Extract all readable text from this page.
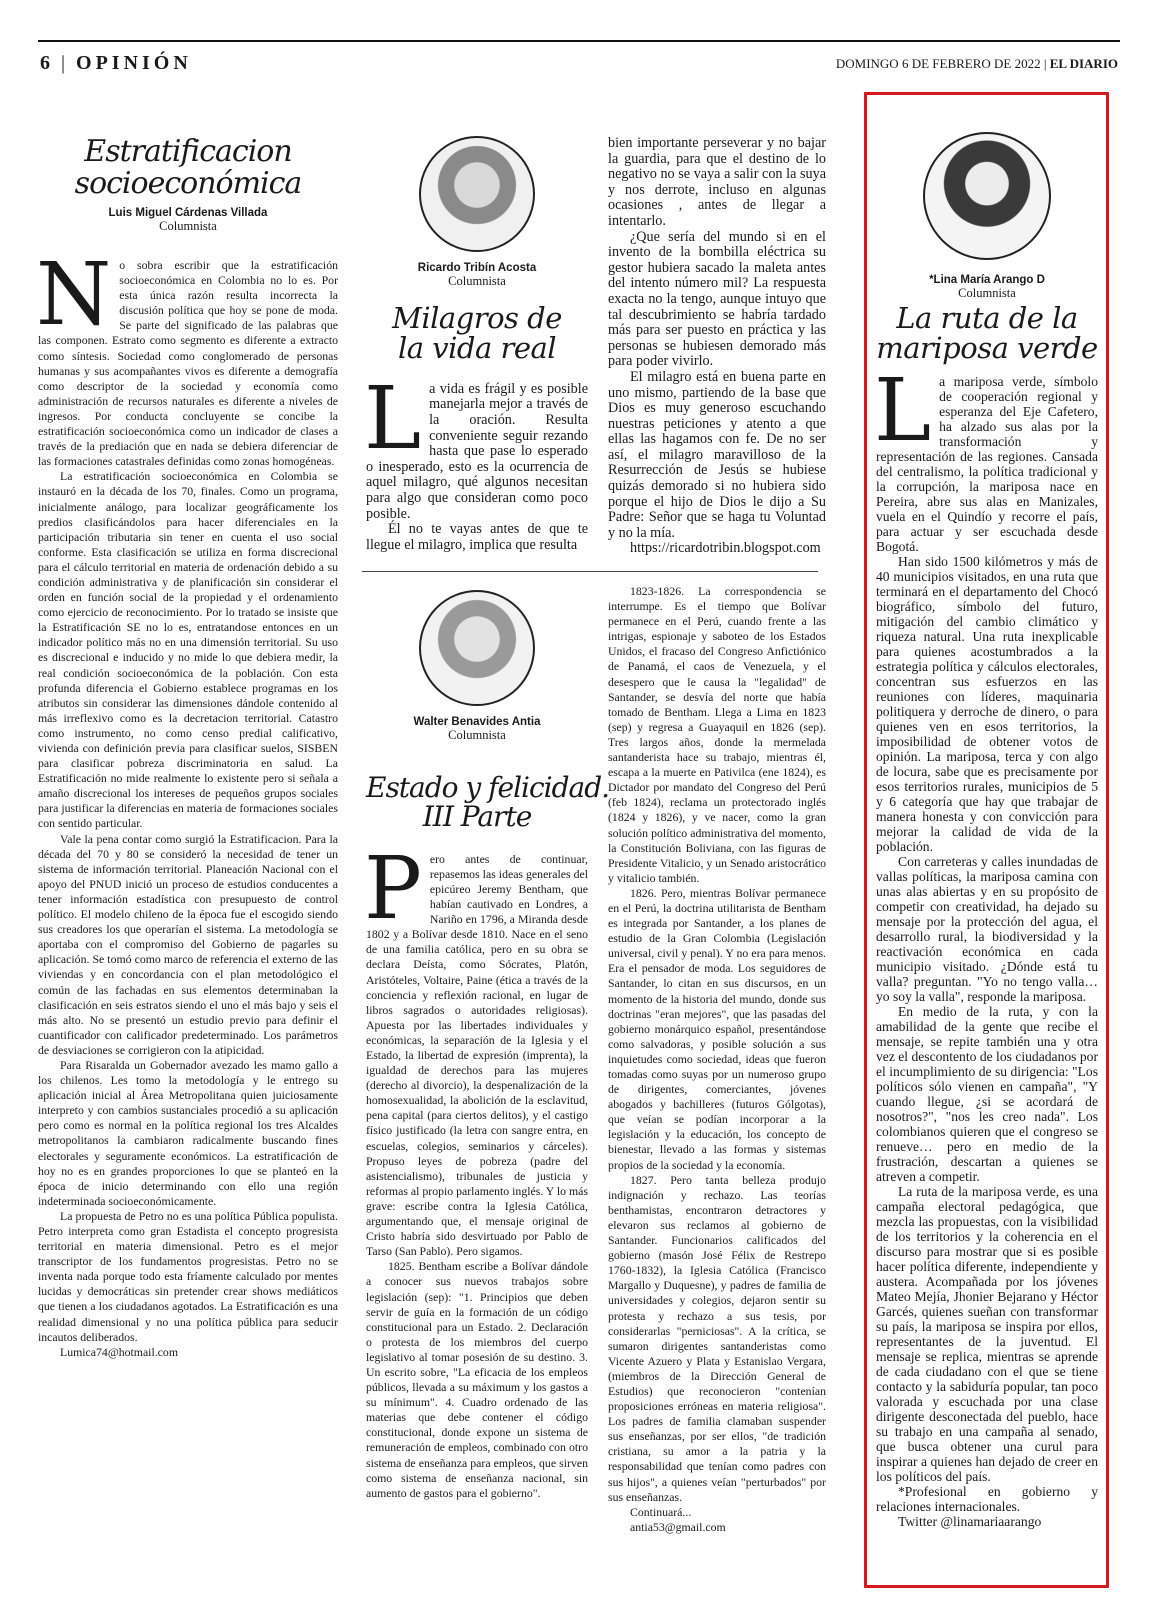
6 | OPINIÓN	DOMINGO 6 DE FEBRERO DE 2022 | EL DIARIO
Estratificacion
socioeconómica
Luis Miguel Cárdenas Villada
Columnista

No sobra escribir que la estratificación socioeconómica en Colombia no lo es. Por esta única razón resulta incorrecta la discusión política que hoy se pone de moda. Se parte del significado de las palabras que las componen. Estrato como segmento es diferente a extracto como síntesis. Sociedad como conglomerado de personas humanas y sus acompañantes vivos es diferente a demografía como descriptor de la sociedad y economía como administración de recursos naturales es diferente a niveles de ingresos. Por conducta concluyente se concibe la estratificación socioeconómica como un indicador de clases a través de la prediación que en nada se debiera diferenciar de las formaciones catastrales definidas como zonas homogéneas.

La estratificación socioeconómica en Colombia se instauró en la década de los 70, finales. Como un programa, inicialmente análogo, para localizar geográficamente los predios clasificándolos para hacer diferenciales en la participación tributaria sin tener en cuenta el uso social conforme. Esta clasificación se utiliza en forma discrecional para el cálculo territorial en materia de ordenación debido a su condición administrativa y de planificación sin considerar el orden en función social de la propiedad y el ordenamiento como ejercicio de reconocimiento. Por lo tratado se insiste que la Estratificación SE no lo es, entratandose entonces en un indicador político más no en una dimensión territorial. Su uso es discrecional e inducido y no mide lo que debiera medir, la real condición socioeconómica de la población. Con esta profunda diferencia el Gobierno establece programas en los atributos sin considerar las dimensiones dándole contenido al más irreflexivo como es la decretacion territorial. Catastro como instrumento, no como censo predial calificativo, vivienda con definición previa para clasificar suelos, SISBEN para clasificar pobreza discriminatoria en salud. La Estratificación no mide realmente lo existente pero si señala a amaño discrecional los intereses de pequeños grupos sociales para justificar la diferencias en materia de formaciones sociales con sentido particular.

Vale la pena contar como surgió la Estratificacion. Para la década del 70 y 80 se consideró la necesidad de tener un sistema de información territorial. Planeación Nacional con el apoyo del PNUD inició un proceso de estudios conducentes a tener información estadística con presupuesto de control político. El modelo chileno de la época fue el escogido siendo sus creadores los que operarían el sistema. La metodología se aportaba con el compromiso del Gobierno de pagarles su aplicación. Se tomó como marco de referencia el externo de las viviendas y en concordancia con el plan metodológico el común de las fachadas en sus elementos determinaban la clasificación en seis estratos siendo el uno el más bajo y seis el más alto. No se presentó un estudio previo para definir el cuantificador con calificador predeterminado. Los parámetros de desviaciones se corrigieron con la atipicidad.

Para Risaralda un Gobernador avezado les mamo gallo a los chilenos. Les tomo la metodología y le entrego su aplicación inicial al Área Metropolitana quien juiciosamente interpreto y con cambios sustanciales procedió a su aplicación pero como es normal en la política regional los tres Alcaldes metropolitanos la cambiaron radicalmente buscando fines electorales y seguramente económicos. La estratificación de hoy no es en grandes proporciones lo que se planteó en la época de inicio determinando con ello una región indeterminada socioeconómicamente.

La propuesta de Petro no es una política Pública populista. Petro interpreta como gran Estadista el concepto progresista territorial en materia dimensional. Petro es el mejor transcriptor de los fundamentos progresistas. Petro no se inventa nada porque todo esta fríamente calculado por mentes lucidas y democráticas sin pretender crear shows mediáticos que tienen a los ciudadanos agotados. La Estratificación es una realidad dimensional y no una política pública para seducir incautos deliberados.

Lumica74@hotmail.com

Ricardo Tribín Acosta
Columnista
Milagros de
la vida real

La vida es frágil y es posible manejarla mejor a través de la oración. Resulta conveniente seguir rezando hasta que pase lo esperado o inesperado, esto es la ocurrencia de aquel milagro, qué algunos necesitan para algo que consideran como poco posible.

Él no te vayas antes de que te llegue el milagro, implica que resulta

bien importante perseverar y no bajar la guardia, para que el destino de lo negativo no se vaya a salir con la suya y nos derrote, incluso en algunas ocasiones , antes de llegar a intentarlo.

¿Que sería del mundo si en el invento de la bombilla eléctrica su gestor hubiera sacado la maleta antes del intento número mil? La respuesta exacta no la tengo, aunque intuyo que tal descubrimiento se habría tardado más para ser puesto en práctica y las personas se hubiesen demorado más para poder vivirlo.

El milagro está en buena parte en uno mismo, partiendo de la base que Dios es muy generoso escuchando nuestras peticiones y atento a que ellas las hagamos con fe. De no ser así, el milagro maravilloso de la Resurrección de Jesús se hubiese quizás demorado si no hubiera sido porque el hijo de Dios le dijo a Su Padre: Señor que se haga tu Voluntad y no la mía.

https://ricardotribin.blogspot.com

Walter Benavides Antia
Columnista
Estado y felicidad.
III Parte

Pero antes de continuar, repasemos las ideas generales del epicúreo Jeremy Bentham, que habían cautivado en Londres, a Nariño en 1796, a Miranda desde 1802 y a Bolívar desde 1810. Nace en el seno de una familia católica, pero en su obra se declara Deísta, como Sócrates, Platón, Aristóteles, Voltaire, Paine (ética a través de la conciencia y reflexión racional, en lugar de libros sagrados o autoridades religiosas). Apuesta por las libertades individuales y económicas, la separación de la Iglesia y el Estado, la libertad de expresión (imprenta), la igualdad de derechos para las mujeres (derecho al divorcio), la despenalización de la homosexualidad, la abolición de la esclavitud, pena capital (para ciertos delitos), y el castigo físico justificado (la letra con sangre entra, en escuelas, colegios, seminarios y cárceles). Propuso leyes de pobreza (padre del asistencialismo), tribunales de justicia y reformas al propio parlamento inglés. Y lo más grave: escribe contra la Iglesia Católica, argumentando que, el mensaje original de Cristo habría sido desvirtuado por Pablo de Tarso (San Pablo). Pero sigamos.

1825. Bentham escribe a Bolívar dándole a conocer sus nuevos trabajos sobre legislación (sep): "1. Principios que deben servir de guía en la formación de un código constitucional para un Estado. 2. Declaración o protesta de los miembros del cuerpo legislativo al tomar posesión de su destino. 3. Un escrito sobre, "La eficacia de los empleos públicos, llevada a su máximum y los gastos a su mínimum". 4. Cuadro ordenado de las materias que debe contener el código constitucional, donde expone un sistema de remuneración de empleos, combinado con otro sistema de enseñanza para empleos, que sirven como sistema de enseñanza nacional, sin aumento de gastos para el gobierno".

1823-1826. La correspondencia se interrumpe. Es el tiempo que Bolívar permanece en el Perú, cuando frente a las intrigas, espionaje y saboteo de los Estados Unidos, el fracaso del Congreso Anfictiónico de Panamá, el caos de Venezuela, y el desespero que le causa la "legalidad" de Santander, se desvía del norte que había tomado de Bentham. Llega a Lima en 1823 (sep) y regresa a Guayaquil en 1826 (sep). Tres largos años, donde la mermelada santanderista hace su trabajo, mientras él, escapa a la muerte en Pativilca (ene 1824), es Dictador por mandato del Congreso del Perú (feb 1824), reclama un protectorado inglés (1824 y 1826), y ve nacer, como la gran solución político administrativa del momento, la Constitución Boliviana, con las figuras de Presidente Vitalicio, y un Senado aristocrático y vitalicio también.

1826. Pero, mientras Bolívar permanece en el Perú, la doctrina utilitarista de Bentham es integrada por Santander, a los planes de estudio de la Gran Colombia (Legislación universal, civil y penal). Y no era para menos. Era el pensador de moda. Los seguidores de Santander, lo citan en sus discursos, en un momento de la historia del mundo, donde sus doctrinas "eran mejores", que las pasadas del gobierno monárquico español, presentándose como salvadoras, y posible solución a sus inquietudes como sociedad, ideas que fueron tomadas como suyas por un numeroso grupo de dirigentes, comerciantes, jóvenes abogados y bachilleres (futuros Gólgotas), que veían se podían incorporar a la legislación y la educación, los concepto de bienestar, llevado a las formas y sistemas propios de la sociedad y la economía.

1827. Pero tanta belleza produjo indignación y rechazo. Las teorías benthamistas, encontraron detractores y elevaron sus reclamos al gobierno de Santander. Funcionarios calificados del gobierno (masón José Félix de Restrepo 1760-1832), la Iglesia Católica (Francisco Margallo y Duquesne), y padres de familia de universidades y colegios, dejaron sentir su protesta y rechazo a sus tesis, por considerarlas "perniciosas". A la crítica, se sumaron dirigentes santanderistas como Vicente Azuero y Plata y Estanislao Vergara, (miembros de la Dirección General de Estudios) que reconocieron "contenían proposiciones erróneas en materia religiosa". Los padres de familia clamaban suspender sus enseñanzas, por ser ellos, "de tradición cristiana, su amor a la patria y la responsabilidad que tenían como padres con sus hijos", a quienes veían "perturbados" por sus enseñanzas.

Continuará...

antia53@gmail.com

*Lina María Arango D
Columnista
La ruta de la
mariposa verde

La mariposa verde, símbolo de cooperación regional y esperanza del Eje Cafetero, ha alzado sus alas por la transformación y representación de las regiones. Cansada del centralismo, la política tradicional y la corrupción, la mariposa nace en Pereira, abre sus alas en Manizales, vuela en el Quindío y recorre el país, para actuar y ser escuchada desde Bogotá.

Han sido 1500 kilómetros y más de 40 municipios visitados, en una ruta que terminará en el departamento del Chocó biográfico, símbolo del futuro, mitigación del cambio climático y riqueza natural. Una ruta inexplicable para quienes acostumbrados a la estrategia política y cálculos electorales, concentran sus esfuerzos en las reuniones con líderes, maquinaria politiquera y derroche de dinero, o para quienes ven en esos territorios, la imposibilidad de obtener votos de opinión. La mariposa, terca y con algo de locura, sabe que es precisamente por esos territorios rurales, municipios de 5 y 6 categoría que hay que trabajar de manera honesta y con convicción para mejorar la calidad de vida de la población.

Con carreteras y calles inundadas de vallas políticas, la mariposa camina con unas alas abiertas y en su propósito de competir con creatividad, ha dejado su mensaje por la protección del agua, el desarrollo rural, la biodiversidad y la reactivación económica en cada municipio visitado. ¿Dónde está tu valla? preguntan. "Yo no tengo valla… yo soy la valla", responde la mariposa.

En medio de la ruta, y con la amabilidad de la gente que recibe el mensaje, se repite también una y otra vez el descontento de los ciudadanos por el incumplimiento de su dirigencia: "Los políticos sólo vienen en campaña", "Y cuando llegue, ¿si se acordará de nosotros?", "nos les creo nada". Los colombianos quieren que el congreso se renueve… pero en medio de la frustración, descartan a quienes se atreven a competir.

La ruta de la mariposa verde, es una campaña electoral pedagógica, que mezcla las propuestas, con la visibilidad de los territorios y la coherencia en el discurso para mostrar que si es posible hacer política diferente, independiente y austera. Acompañada por los jóvenes Mateo Mejía, Jhonier Bejarano y Héctor Garcés, quienes sueñan con transformar su país, la mariposa se inspira por ellos, representantes de la juventud. El mensaje se replica, mientras se aprende de cada ciudadano con el que se tiene contacto y la sabiduría popular, tan poco valorada y escuchada por una clase dirigente desconectada del pueblo, hace su trabajo en una campaña al senado, que busca obtener una curul para inspirar a quienes han dejado de creer en los políticos del país.

*Profesional en gobierno y relaciones internacionales.

Twitter @linamariaarango
